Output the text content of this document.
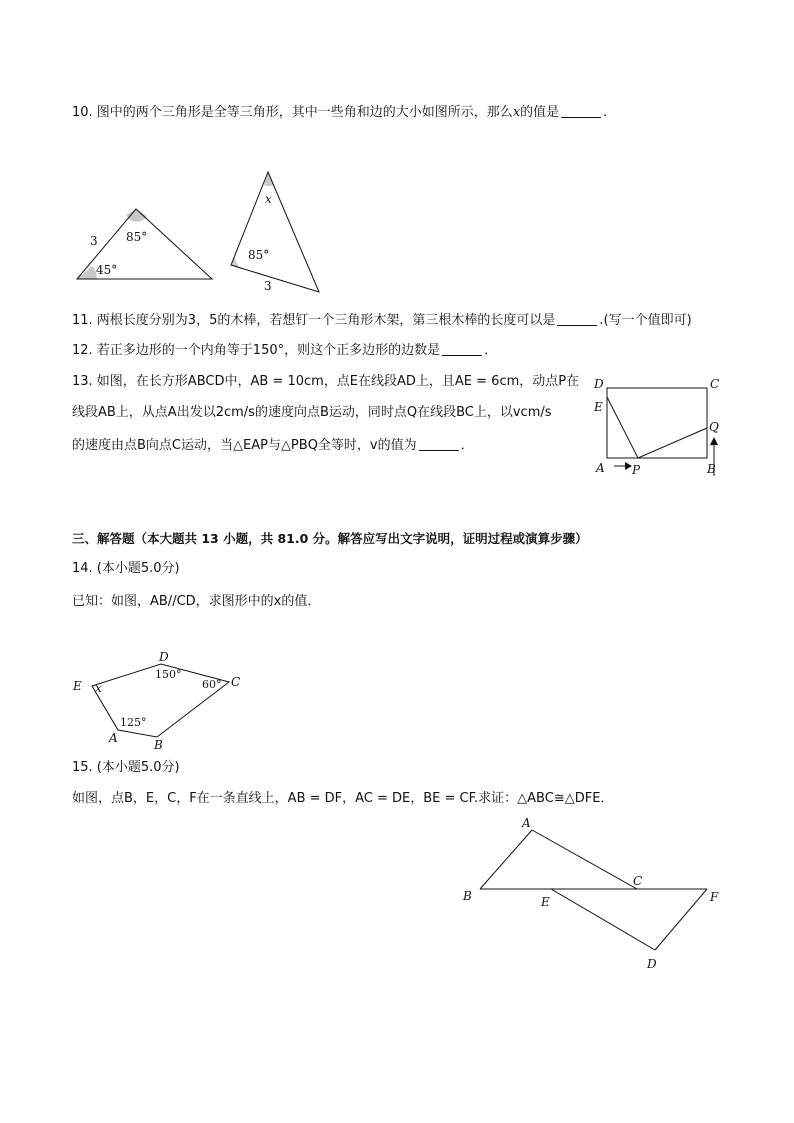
10. 图中的两个三角形是全等三角形，其中一些角和边的大小如图所示，那么x的值是	．
3 85°
45°
x
85°
3
11. 两根长度分别为3，5的木棒，若想钉一个三角形木架，第三根木棒的长度可以是	.(写一个值即可)
12. 若正多边形的一个内角等于150°，则这个正多边形的边数是	．
13. 如图，在长方形ABCD中，AB = 10cm，点E在线段AD上，且AE = 6cm，动点P在
线段AB上，从点A出发以2cm/s的速度向点B运动，同时点Q在线段BC上，以vcm/s
的速度由点B向点C运动，当△EAP与△PBQ全等时，v的值为	．
D	C
E
Q
A P	B
三、解答题（本大题共 13 小题，共 81.0 分。解答应写出文字说明，证明过程或演算步骤）
14. (本小题5.0分)
已知：如图，AB//CD，求图形中的x的值．
D
150°
E x	60° C
125°
A	B
15. (本小题5.0分)
如图，点B，E，C，F在一条直线上，AB = DF，AC = DE，BE = CF.求证：△ABC≅△DFE．
A
B
C
E	F
D
